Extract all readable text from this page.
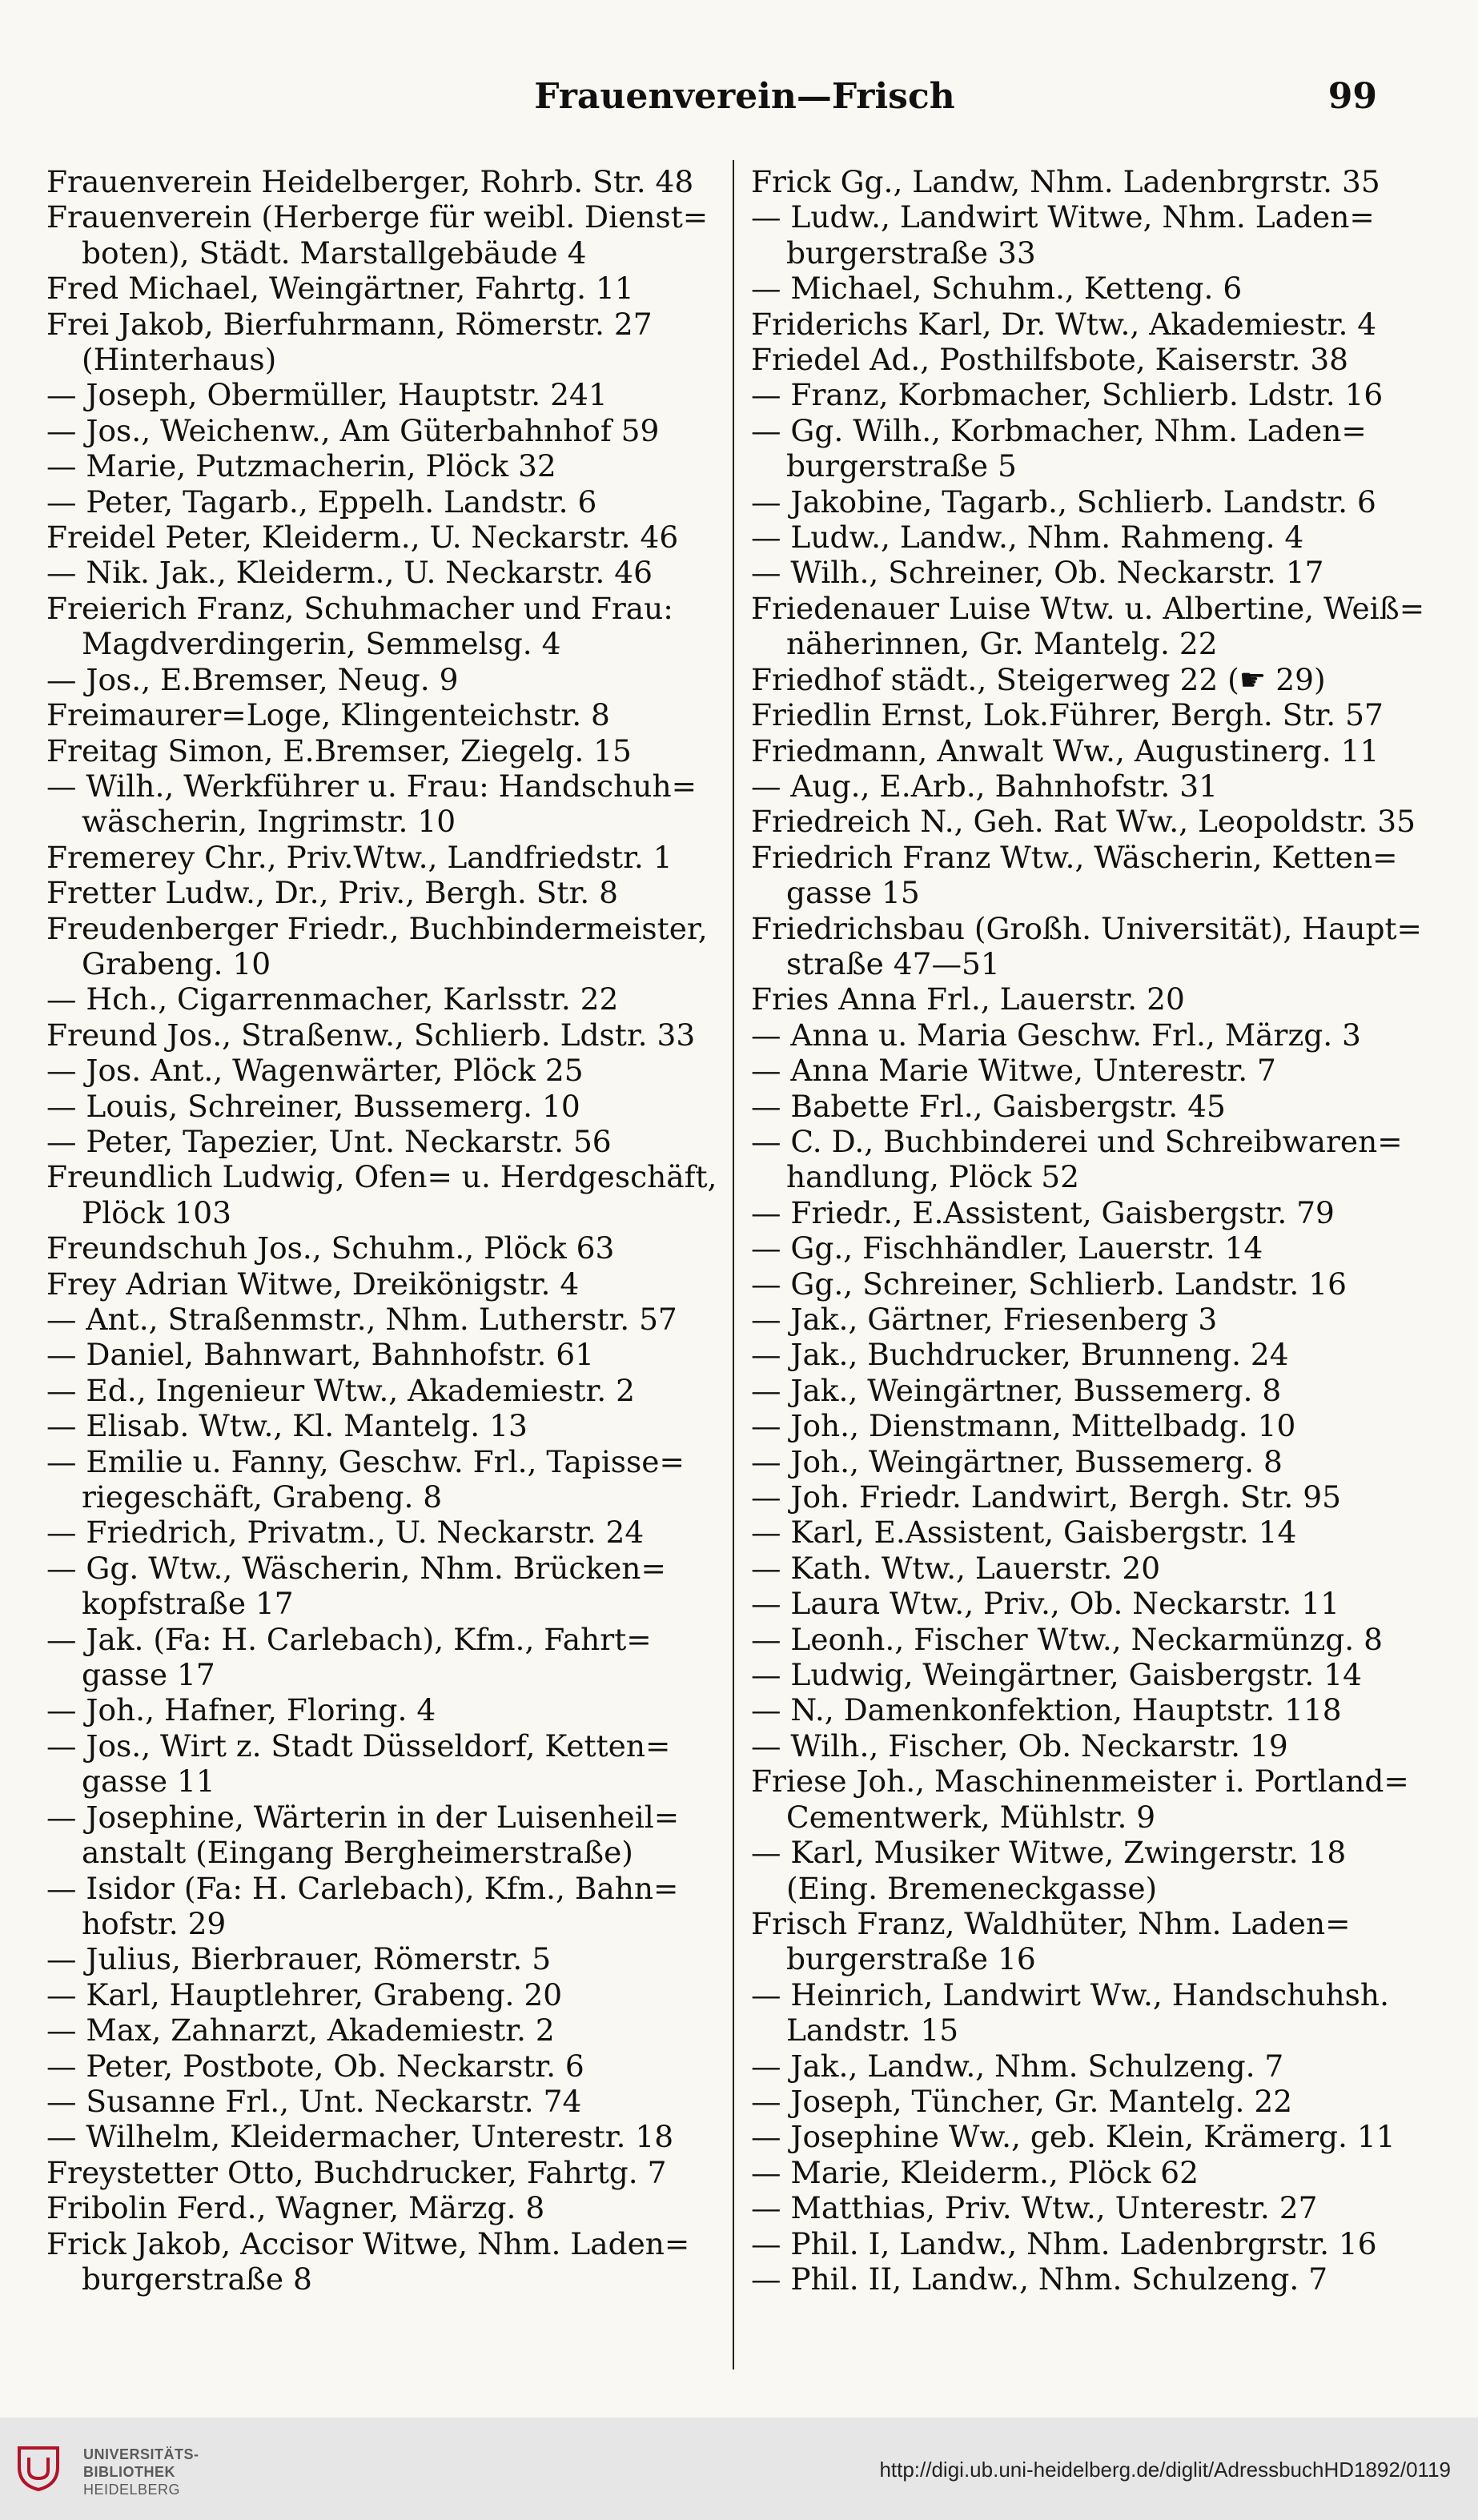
Frauenverein—Frisch	99
Frauenverein Heidelberger, Rohrb. Str. 48
Frauenverein (Herberge für weibl. Dienst=
boten), Städt. Marstallgebäude 4
Fred Michael, Weingärtner, Fahrtg. 11
Frei Jakob, Bierfuhrmann, Römerstr. 27
(Hinterhaus)
— Joseph, Obermüller, Hauptstr. 241
— Jos., Weichenw., Am Güterbahnhof 59
— Marie, Putzmacherin, Plöck 32
— Peter, Tagarb., Eppelh. Landstr. 6
Freidel Peter, Kleiderm., U. Neckarstr. 46
— Nik. Jak., Kleiderm., U. Neckarstr. 46
Freierich Franz, Schuhmacher und Frau:
Magdverdingerin, Semmelsg. 4
— Jos., E.Bremser, Neug. 9
Freimaurer=Loge, Klingenteichstr. 8
Freitag Simon, E.Bremser, Ziegelg. 15
— Wilh., Werkführer u. Frau: Handschuh=
wäscherin, Ingrimstr. 10
Fremerey Chr., Priv.Wtw., Landfriedstr. 1
Fretter Ludw., Dr., Priv., Bergh. Str. 8
Freudenberger Friedr., Buchbindermeister,
Grabeng. 10
— Hch., Cigarrenmacher, Karlsstr. 22
Freund Jos., Straßenw., Schlierb. Ldstr. 33
— Jos. Ant., Wagenwärter, Plöck 25
— Louis, Schreiner, Bussemerg. 10
— Peter, Tapezier, Unt. Neckarstr. 56
Freundlich Ludwig, Ofen= u. Herdgeschäft,
Plöck 103
Freundschuh Jos., Schuhm., Plöck 63
Frey Adrian Witwe, Dreikönigstr. 4
— Ant., Straßenmstr., Nhm. Lutherstr. 57
— Daniel, Bahnwart, Bahnhofstr. 61
— Ed., Ingenieur Wtw., Akademiestr. 2
— Elisab. Wtw., Kl. Mantelg. 13
— Emilie u. Fanny, Geschw. Frl., Tapisse=
riegeschäft, Grabeng. 8
— Friedrich, Privatm., U. Neckarstr. 24
— Gg. Wtw., Wäscherin, Nhm. Brücken=
kopfstraße 17
— Jak. (Fa: H. Carlebach), Kfm., Fahrt=
gasse 17
— Joh., Hafner, Floring. 4
— Jos., Wirt z. Stadt Düsseldorf, Ketten=
gasse 11
— Josephine, Wärterin in der Luisenheil=
anstalt (Eingang Bergheimerstraße)
— Isidor (Fa: H. Carlebach), Kfm., Bahn=
hofstr. 29
— Julius, Bierbrauer, Römerstr. 5
— Karl, Hauptlehrer, Grabeng. 20
— Max, Zahnarzt, Akademiestr. 2
— Peter, Postbote, Ob. Neckarstr. 6
— Susanne Frl., Unt. Neckarstr. 74
— Wilhelm, Kleidermacher, Unterestr. 18
Freystetter Otto, Buchdrucker, Fahrtg. 7
Fribolin Ferd., Wagner, Märzg. 8
Frick Jakob, Accisor Witwe, Nhm. Laden=
burgerstraße 8
Frick Gg., Landw, Nhm. Ladenbrgrstr. 35
— Ludw., Landwirt Witwe, Nhm. Laden=
burgerstraße 33
— Michael, Schuhm., Ketteng. 6
Friderichs Karl, Dr. Wtw., Akademiestr. 4
Friedel Ad., Posthilfsbote, Kaiserstr. 38
— Franz, Korbmacher, Schlierb. Ldstr. 16
— Gg. Wilh., Korbmacher, Nhm. Laden=
burgerstraße 5
— Jakobine, Tagarb., Schlierb. Landstr. 6
— Ludw., Landw., Nhm. Rahmeng. 4
— Wilh., Schreiner, Ob. Neckarstr. 17
Friedenauer Luise Wtw. u. Albertine, Weiß=
näherinnen, Gr. Mantelg. 22
Friedhof städt., Steigerweg 22 (☛ 29)
Friedlin Ernst, Lok.Führer, Bergh. Str. 57
Friedmann, Anwalt Ww., Augustinerg. 11
— Aug., E.Arb., Bahnhofstr. 31
Friedreich N., Geh. Rat Ww., Leopoldstr. 35
Friedrich Franz Wtw., Wäscherin, Ketten=
gasse 15
Friedrichsbau (Großh. Universität), Haupt=
straße 47—51
Fries Anna Frl., Lauerstr. 20
— Anna u. Maria Geschw. Frl., Märzg. 3
— Anna Marie Witwe, Unterestr. 7
— Babette Frl., Gaisbergstr. 45
— C. D., Buchbinderei und Schreibwaren=
handlung, Plöck 52
— Friedr., E.Assistent, Gaisbergstr. 79
— Gg., Fischhändler, Lauerstr. 14
— Gg., Schreiner, Schlierb. Landstr. 16
— Jak., Gärtner, Friesenberg 3
— Jak., Buchdrucker, Brunneng. 24
— Jak., Weingärtner, Bussemerg. 8
— Joh., Dienstmann, Mittelbadg. 10
— Joh., Weingärtner, Bussemerg. 8
— Joh. Friedr. Landwirt, Bergh. Str. 95
— Karl, E.Assistent, Gaisbergstr. 14
— Kath. Wtw., Lauerstr. 20
— Laura Wtw., Priv., Ob. Neckarstr. 11
— Leonh., Fischer Wtw., Neckarmünzg. 8
— Ludwig, Weingärtner, Gaisbergstr. 14
— N., Damenkonfektion, Hauptstr. 118
— Wilh., Fischer, Ob. Neckarstr. 19
Friese Joh., Maschinenmeister i. Portland=
Cementwerk, Mühlstr. 9
— Karl, Musiker Witwe, Zwingerstr. 18
(Eing. Bremeneckgasse)
Frisch Franz, Waldhüter, Nhm. Laden=
burgerstraße 16
— Heinrich, Landwirt Ww., Handschuhsh.
Landstr. 15
— Jak., Landw., Nhm. Schulzeng. 7
— Joseph, Tüncher, Gr. Mantelg. 22
— Josephine Ww., geb. Klein, Krämerg. 11
— Marie, Kleiderm., Plöck 62
— Matthias, Priv. Wtw., Unterestr. 27
— Phil. I, Landw., Nhm. Ladenbrgrstr. 16
— Phil. II, Landw., Nhm. Schulzeng. 7
UNIVERSITÄTS-
BIBLIOTHEK
HEIDELBERG
http://digi.ub.uni-heidelberg.de/diglit/AdressbuchHD1892/0119
